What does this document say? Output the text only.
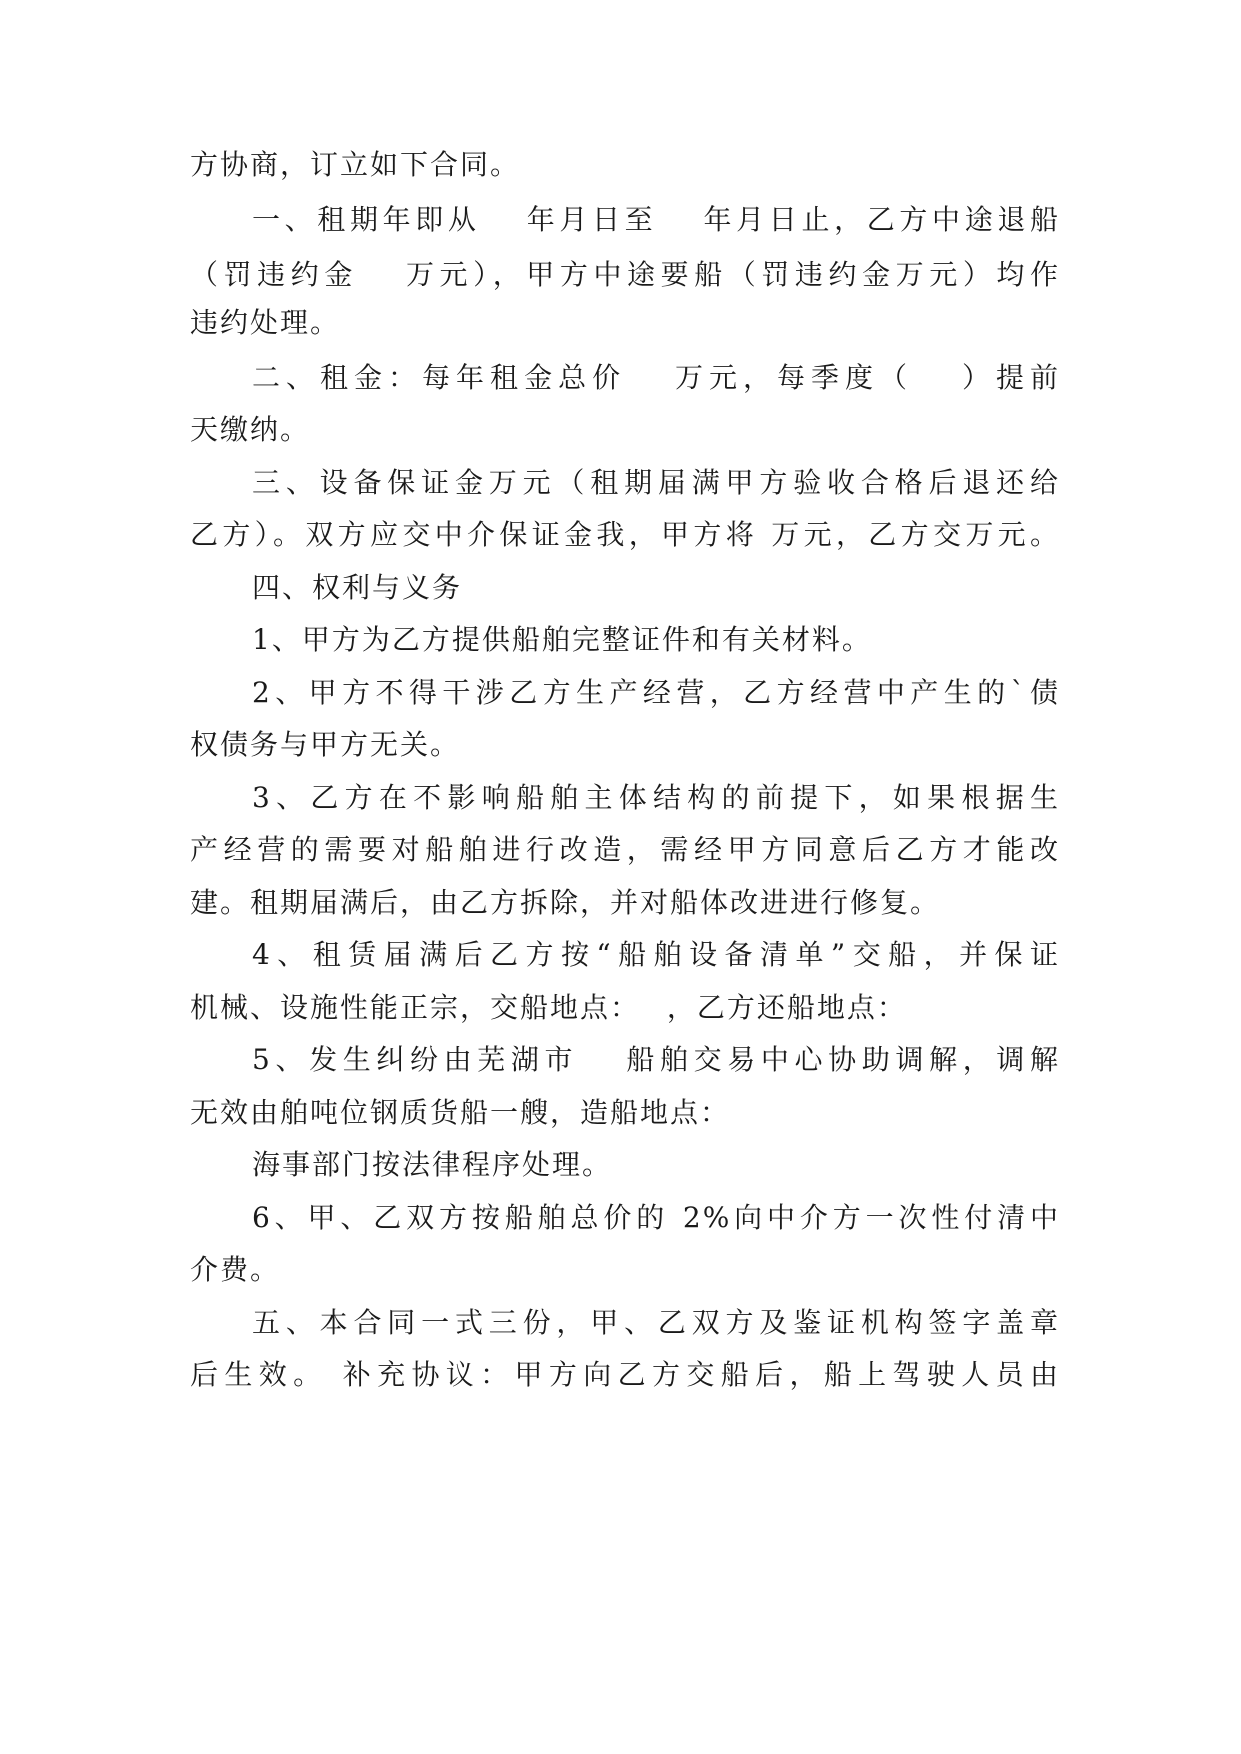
方协商，订立如下合同。
一、租期年即从　 年月日至　 年月日止，乙方中途退船
（罚违约金　 万元），甲方中途要船（罚违约金万元）均作
违约处理。
二、租金：每年租金总价　 万元，每季度（　 ）提前
天缴纳。
三、设备保证金万元（租期届满甲方验收合格后退还给
乙方）。双方应交中介保证金我，甲方将 万元，乙方交万元。
四、权利与义务
1、甲方为乙方提供船舶完整证件和有关材料。
2、甲方不得干涉乙方生产经营，乙方经营中产生的`债
权债务与甲方无关。
3、乙方在不影响船舶主体结构的前提下，如果根据生
产经营的需要对船舶进行改造，需经甲方同意后乙方才能改
建。租期届满后，由乙方拆除，并对船体改进进行修复。
4、租赁届满后乙方按“船舶设备清单”交船，并保证
机械、设施性能正宗，交船地点：　 ，乙方还船地点：
5、发生纠纷由芜湖市　 船舶交易中心协助调解，调解
无效由舶吨位钢质货船一艘，造船地点：
海事部门按法律程序处理。
6、甲、乙双方按船舶总价的 2%向中介方一次性付清中
介费。
五、本合同一式三份，甲、乙双方及鉴证机构签字盖章
后生效。 补充协议：甲方向乙方交船后，船上驾驶人员由
